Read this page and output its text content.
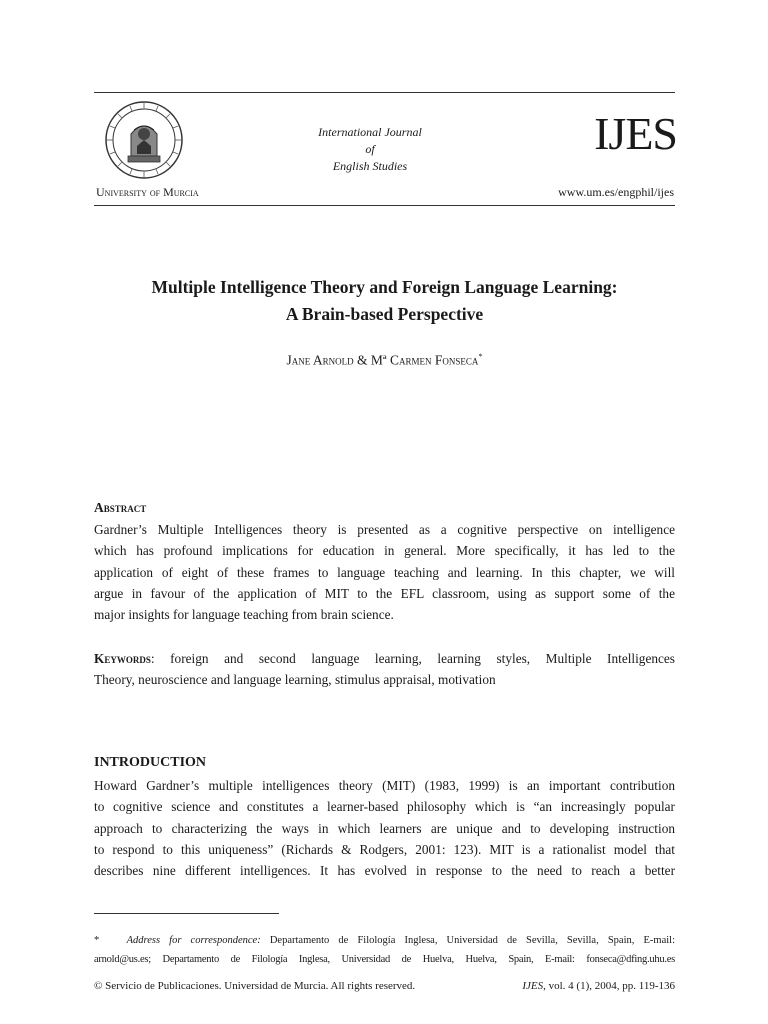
International Journal
of
English Studies
IJES
University of Murcia	www.um.es/engphil/ijes
Multiple Intelligence Theory and Foreign Language Learning:
A Brain-based Perspective
Jane Arnold & Mª Carmen Fonseca*
Abstract
Gardner’s Multiple Intelligences theory is presented as a cognitive perspective on intelligence
which has profound implications for education in general. More specifically, it has led to the
application of eight of these frames to language teaching and learning. In this chapter, we will
argue in favour of the application of MIT to the EFL classroom, using as support some of the
major insights for language teaching from brain science.
Keywords: foreign and second language learning, learning styles, Multiple Intelligences
Theory, neuroscience and language learning, stimulus appraisal, motivation
INTRODUCTION
Howard Gardner’s multiple intelligences theory (MIT) (1983, 1999) is an important contribution
to cognitive science and constitutes a learner-based philosophy which is “an increasingly popular
approach to characterizing the ways in which learners are unique and to developing instruction
to respond to this uniqueness” (Richards & Rodgers, 2001: 123). MIT is a rationalist model that
describes nine different intelligences. It has evolved in response to the need to reach a better
*	Address for correspondence: Departamento de Filología Inglesa, Universidad de Sevilla, Sevilla, Spain, E-mail:
arnold@us.es; Departamento de Filología Inglesa, Universidad de Huelva, Huelva, Spain, E-mail: fonseca@dfing.uhu.es
© Servicio de Publicaciones. Universidad de Murcia. All rights reserved.	IJES, vol. 4 (1), 2004, pp. 119-136
